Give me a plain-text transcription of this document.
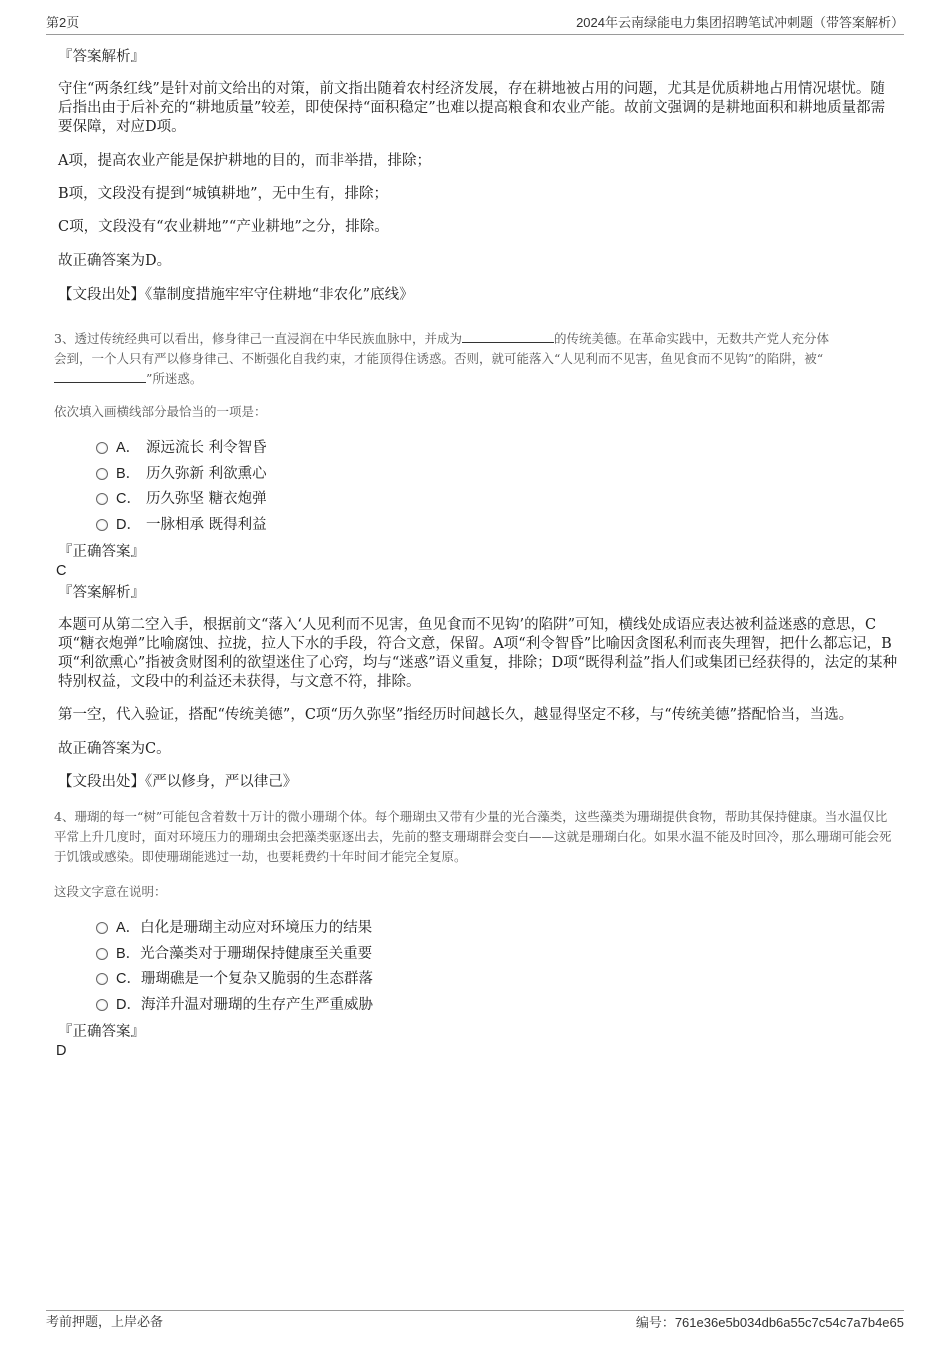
第2页	2024年云南绿能电力集团招聘笔试冲刺题（带答案解析）
『答案解析』

守住“两条红线”是针对前文给出的对策，前文指出随着农村经济发展，存在耕地被占用的问题，尤其是优质耕地占用情况堪忧。随后指出由于后补充的“耕地质量”较差，即使保持“面积稳定”也难以提高粮食和农业产能。故前文强调的是耕地面积和耕地质量都需要保障，对应D项。

A项，提高农业产能是保护耕地的目的，而非举措，排除；

B项，文段没有提到“城镇耕地”，无中生有，排除；

C项，文段没有“农业耕地”“产业耕地”之分，排除。

故正确答案为D。

【文段出处】《靠制度措施牢牢守住耕地“非农化”底线》

3、透过传统经典可以看出，修身律己一直浸润在中华民族血脉中，并成为	的传统美德。在革命实践中，无数共产党人充分体
会到，一个人只有严以修身律己、不断强化自我约束，才能顶得住诱惑。否则，就可能落入“人见利而不见害，鱼见食而不见钩”的陷阱，被“
”所迷惑。
依次填入画横线部分最恰当的一项是：
A． 源远流长 利令智昏
B． 历久弥新 利欲熏心
C． 历久弥坚 糖衣炮弹
D． 一脉相承 既得利益
『正确答案』
C
『答案解析』

本题可从第二空入手，根据前文“落入‘人见利而不见害，鱼见食而不见钩’的陷阱”可知，横线处成语应表达被利益迷惑的意思，C项“糖衣炮弹”比喻腐蚀、拉拢，拉人下水的手段，符合文意，保留。A项“利令智昏”比喻因贪图私利而丧失理智，把什么都忘记，B项“利欲熏心”指被贪财图利的欲望迷住了心窍，均与“迷惑”语义重复，排除；D项“既得利益”指人们或集团已经获得的，法定的某种特别权益，文段中的利益还未获得，与文意不符，排除。

第一空，代入验证，搭配“传统美德”，C项“历久弥坚”指经历时间越长久，越显得坚定不移，与“传统美德”搭配恰当，当选。

故正确答案为C。

【文段出处】《严以修身，严以律己》

4、珊瑚的每一“树”可能包含着数十万计的微小珊瑚个体。每个珊瑚虫又带有少量的光合藻类，这些藻类为珊瑚提供食物，帮助其保持健康。当水温仅比平常上升几度时，面对环境压力的珊瑚虫会把藻类驱逐出去，先前的整支珊瑚群会变白——这就是珊瑚白化。如果水温不能及时回冷，那么珊瑚可能会死于饥饿或感染。即使珊瑚能逃过一劫，也要耗费约十年时间才能完全复原。

这段文字意在说明：
A．白化是珊瑚主动应对环境压力的结果
B．光合藻类对于珊瑚保持健康至关重要
C．珊瑚礁是一个复杂又脆弱的生态群落
D．海洋升温对珊瑚的生存产生严重威胁
『正确答案』
D
考前押题，上岸必备	编号：761e36e5b034db6a55c7c54c7a7b4e65
